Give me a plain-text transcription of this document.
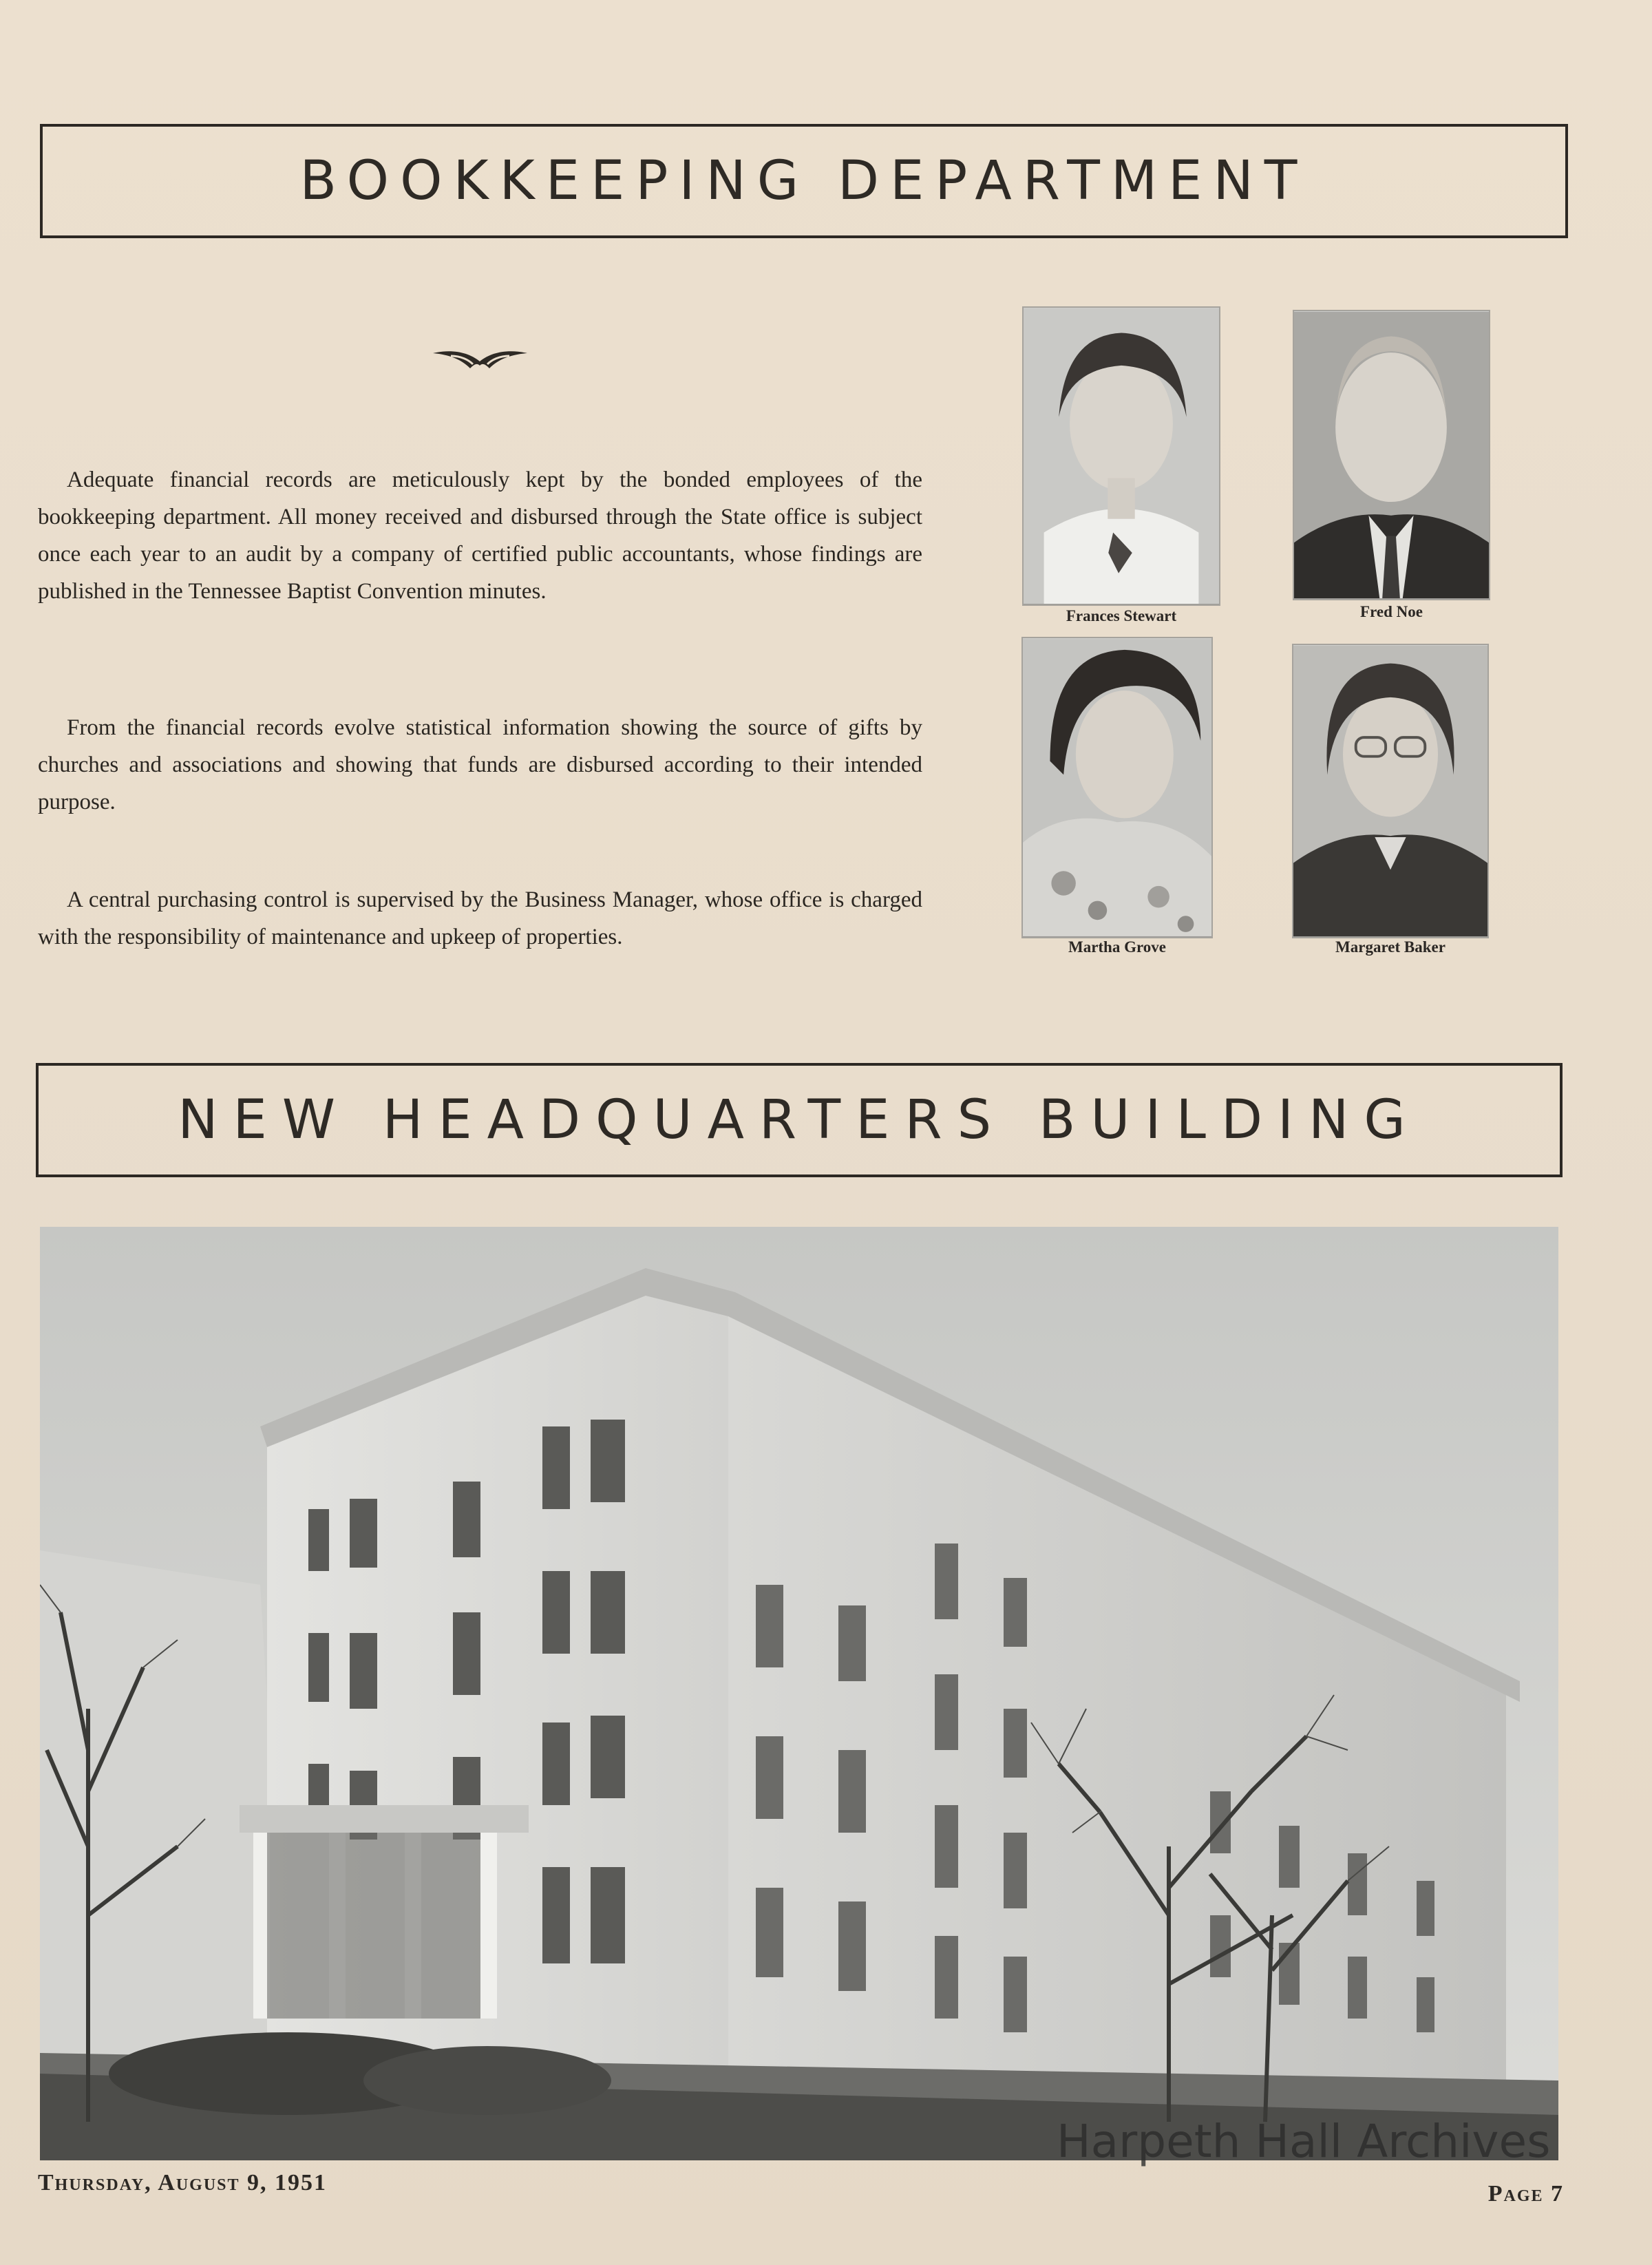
BOOKKEEPING DEPARTMENT

Adequate financial records are meticulously kept by the bonded employees of the bookkeeping department. All money received and disbursed through the State office is subject once each year to an audit by a company of certified public accountants, whose findings are published in the Tennessee Baptist Convention minutes.

From the financial records evolve statistical information showing the source of gifts by churches and associations and showing that funds are disbursed according to their intended purpose.

A central purchasing control is supervised by the Business Manager, whose office is charged with the responsibility of maintenance and upkeep of properties.

Frances Stewart	Fred Noe
Martha Grove	Margaret Baker
NEW HEADQUARTERS BUILDING
Thursday, August 9, 1951	Page 7
Harpeth Hall Archives
